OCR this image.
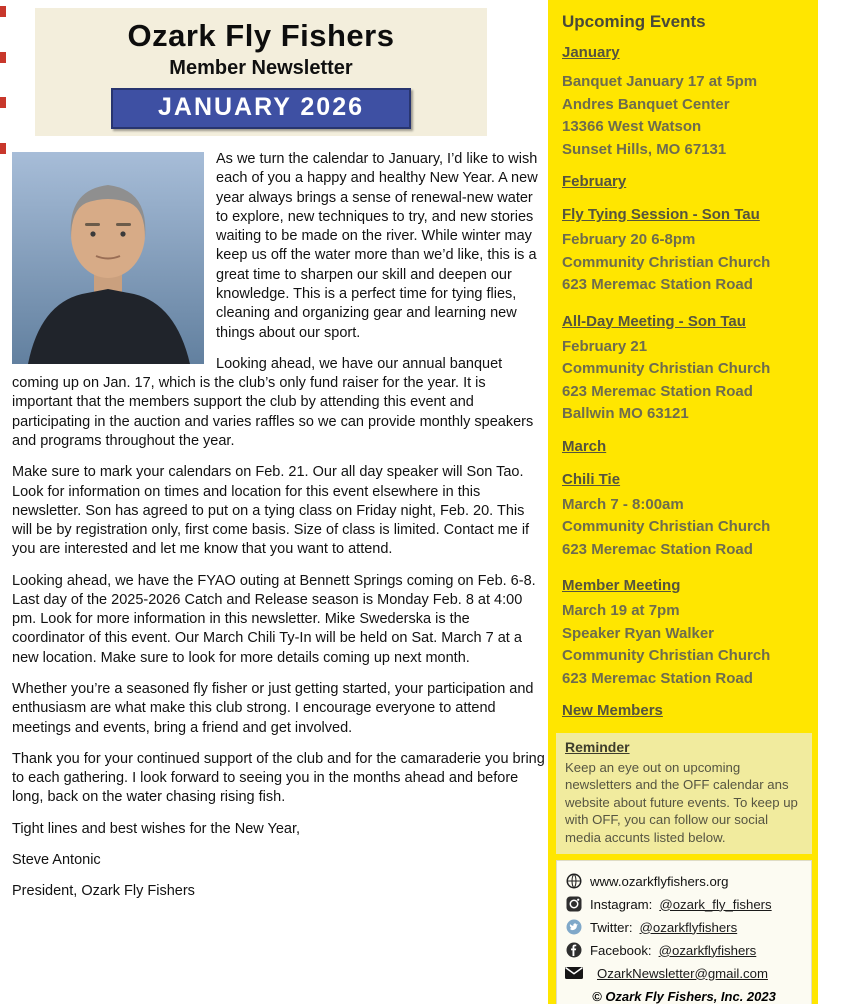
Ozark Fly Fishers
Member Newsletter
JANUARY 2026

As we turn the calendar to January, I’d like to wish each of you a happy and healthy New Year. A new year always brings a sense of renewal-new water to explore, new techniques to try, and new stories waiting to be made on the river. While winter may keep us off the water more than we’d like, this is a great time to sharpen our skill and deepen our knowledge. This is a perfect time for tying flies, cleaning and organizing gear and learning new things about our sport.

Looking ahead, we have our annual banquet coming up on Jan. 17, which is the club’s only fund raiser for the year. It is important that the members support the club by attending this event and participating in the auction and varies raffles so we can provide monthly speakers and programs throughout the year.

Make sure to mark your calendars on Feb. 21. Our all day speaker will Son Tao. Look for information on times and location for this event elsewhere in this newsletter. Son has agreed to put on a tying class on Friday night, Feb. 20. This will be by registration only, first come basis. Size of class is limited. Contact me if you are interested and let me know that you want to attend.

Looking ahead, we have the FYAO outing at Bennett Springs coming on Feb. 6-8. Last day of the 2025-2026 Catch and Release season is Monday Feb. 8 at 4:00 pm. Look for more information in this newsletter. Mike Swederska is the coordinator of this event. Our March Chili Ty-In will be held on Sat. March 7 at a new location. Make sure to look for more details coming up next month.

Whether you’re a seasoned fly fisher or just getting started, your participation and enthusiasm are what make this club strong. I encourage everyone to attend meetings and events, bring a friend and get involved.

Thank you for your continued support of the club and for the camaraderie you bring to each gathering. I look forward to seeing you in the months ahead and before long, back on the water chasing rising fish.

Tight lines and best wishes for the New Year,

Steve Antonic

President, Ozark Fly Fishers

Upcoming Events
January
Banquet January 17 at 5pm
Andres Banquet Center
13366 West Watson
Sunset Hills, MO 67131
February
Fly Tying Session - Son Tau
February 20 6-8pm
Community Christian Church
623 Meremac Station Road
All-Day Meeting - Son Tau
February 21
Community Christian Church
623 Meremac Station Road
Ballwin MO 63121
March
Chili Tie
March 7 - 8:00am
Community Christian Church
623 Meremac Station Road
Member Meeting
March 19 at 7pm
Speaker Ryan Walker
Community Christian Church
623 Meremac Station Road
New Members
Reminder
Keep an eye out on upcoming newsletters and the OFF calendar ans website about future events. To keep up with OFF, you can follow our social media accunts listed below.
www.ozarkflyfishers.org
Instagram: @ozark_fly_fishers
Twitter: @ozarkflyfishers
Facebook: @ozarkflyfishers
OzarkNewsletter@gmail.com
© Ozark Fly Fishers, Inc. 2023
